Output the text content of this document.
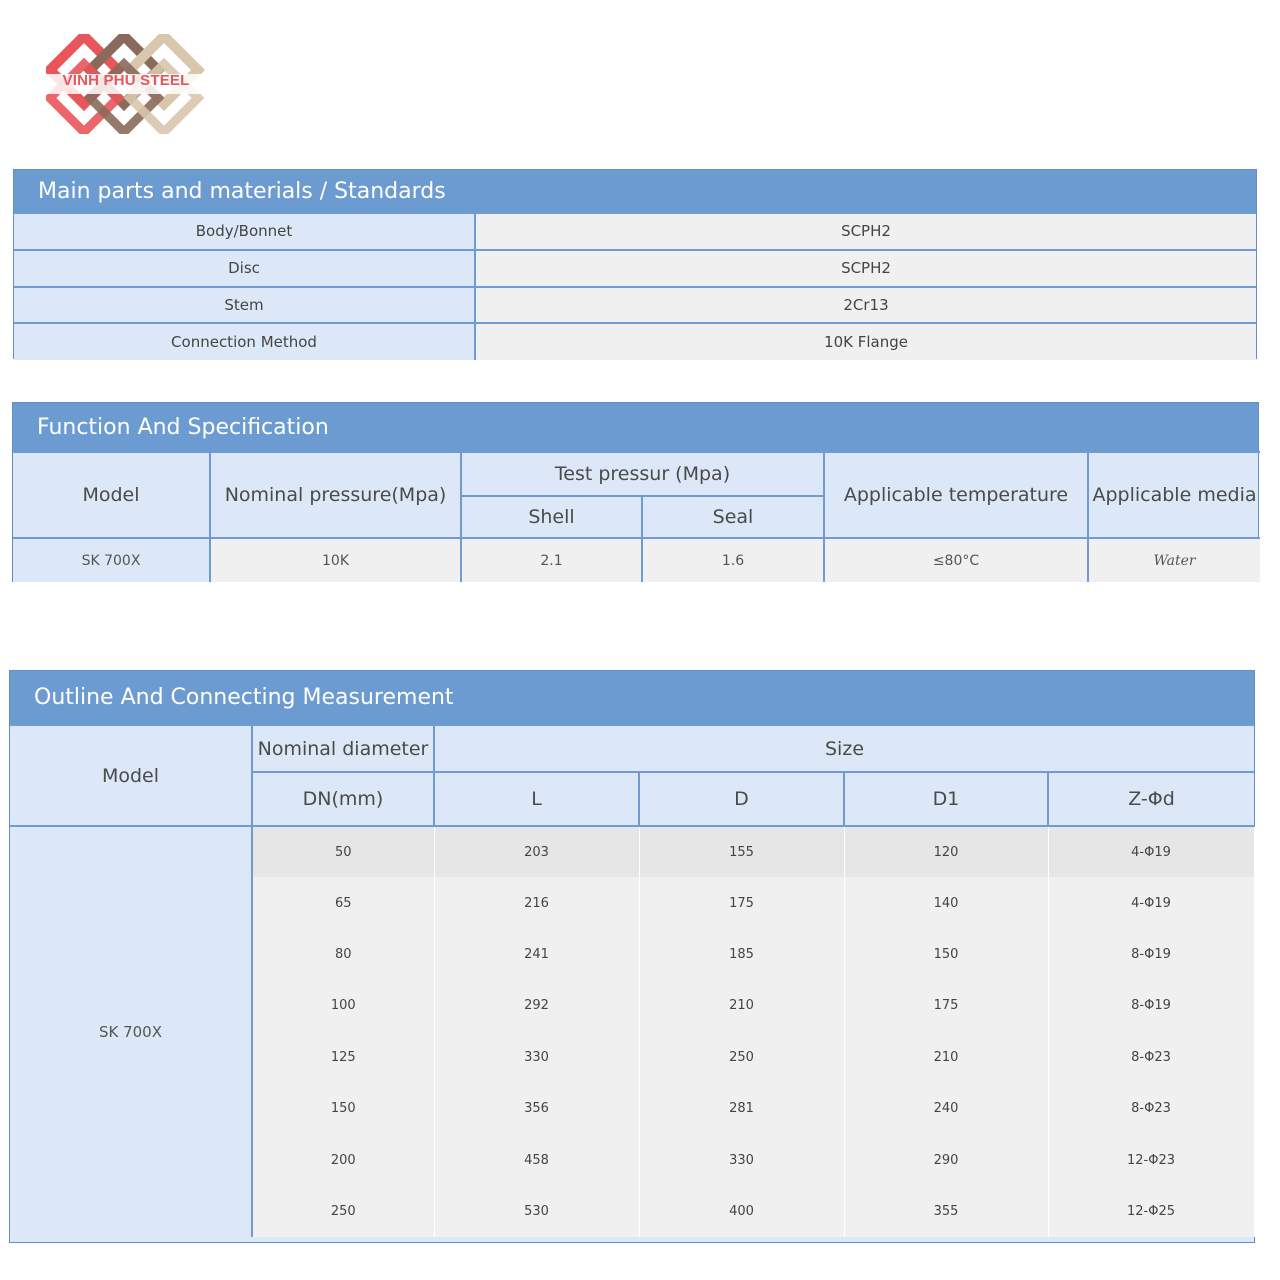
VINH PHU STEEL
Main parts and materials / Standards
Body/Bonnet	SCPH2
Disc	SCPH2
Stem	2Cr13
Connection Method	10K Flange
Function And Specification
Model	Nominal pressure(Mpa)	Test pressur (Mpa)		Applicable temperature	Applicable media
		Shell	Seal		
SK 700X	10K	2.1	1.6	≤80°C	Water
Outline And Connecting Measurement
Model	Nominal diameter	Size			
	DN(mm)	L	D	D1	Z-Φd
SK 700X	50	203	155	120	4-Φ19
	65	216	175	140	4-Φ19
	80	241	185	150	8-Φ19
	100	292	210	175	8-Φ19
	125	330	250	210	8-Φ23
	150	356	281	240	8-Φ23
	200	458	330	290	12-Φ23
	250	530	400	355	12-Φ25
